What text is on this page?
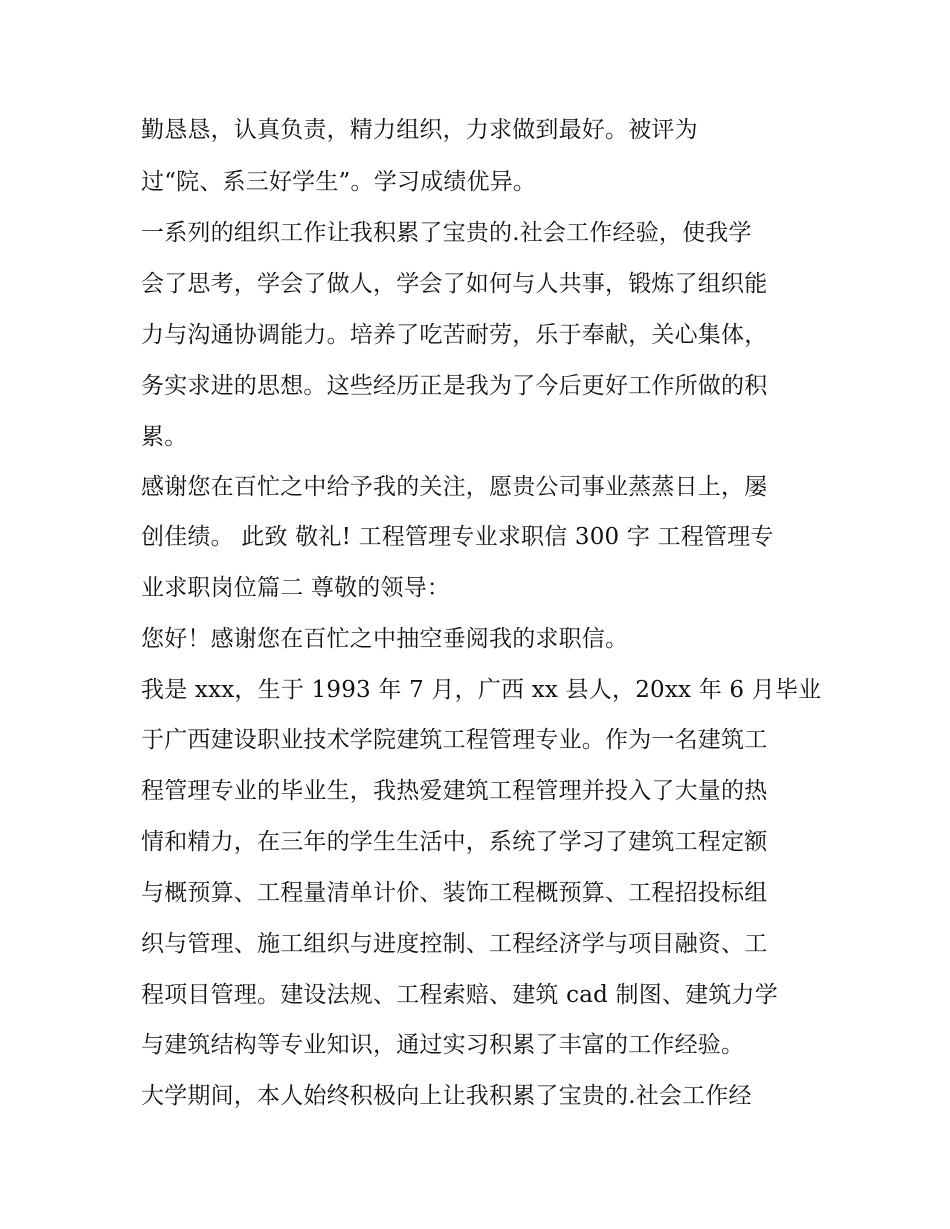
勤恳恳，认真负责，精力组织，力求做到最好。被评为
过“院、系三好学生”。学习成绩优异。
一系列的组织工作让我积累了宝贵的.社会工作经验，使我学
会了思考，学会了做人，学会了如何与人共事，锻炼了组织能
力与沟通协调能力。培养了吃苦耐劳，乐于奉献，关心集体，
务实求进的思想。这些经历正是我为了今后更好工作所做的积
累。
感谢您在百忙之中给予我的关注，愿贵公司事业蒸蒸日上，屡
创佳绩。 此致 敬礼! 工程管理专业求职信 300 字 工程管理专
业求职岗位篇二 尊敬的领导：
您好！感谢您在百忙之中抽空垂阅我的求职信。
我是 xxx，生于 1993 年 7 月，广西 xx 县人，20xx 年 6 月毕业
于广西建设职业技术学院建筑工程管理专业。作为一名建筑工
程管理专业的毕业生，我热爱建筑工程管理并投入了大量的热
情和精力，在三年的学生生活中，系统了学习了建筑工程定额
与概预算、工程量清单计价、装饰工程概预算、工程招投标组
织与管理、施工组织与进度控制、工程经济学与项目融资、工
程项目管理。建设法规、工程索赔、建筑 cad 制图、建筑力学
与建筑结构等专业知识，通过实习积累了丰富的工作经验。
大学期间，本人始终积极向上让我积累了宝贵的.社会工作经
